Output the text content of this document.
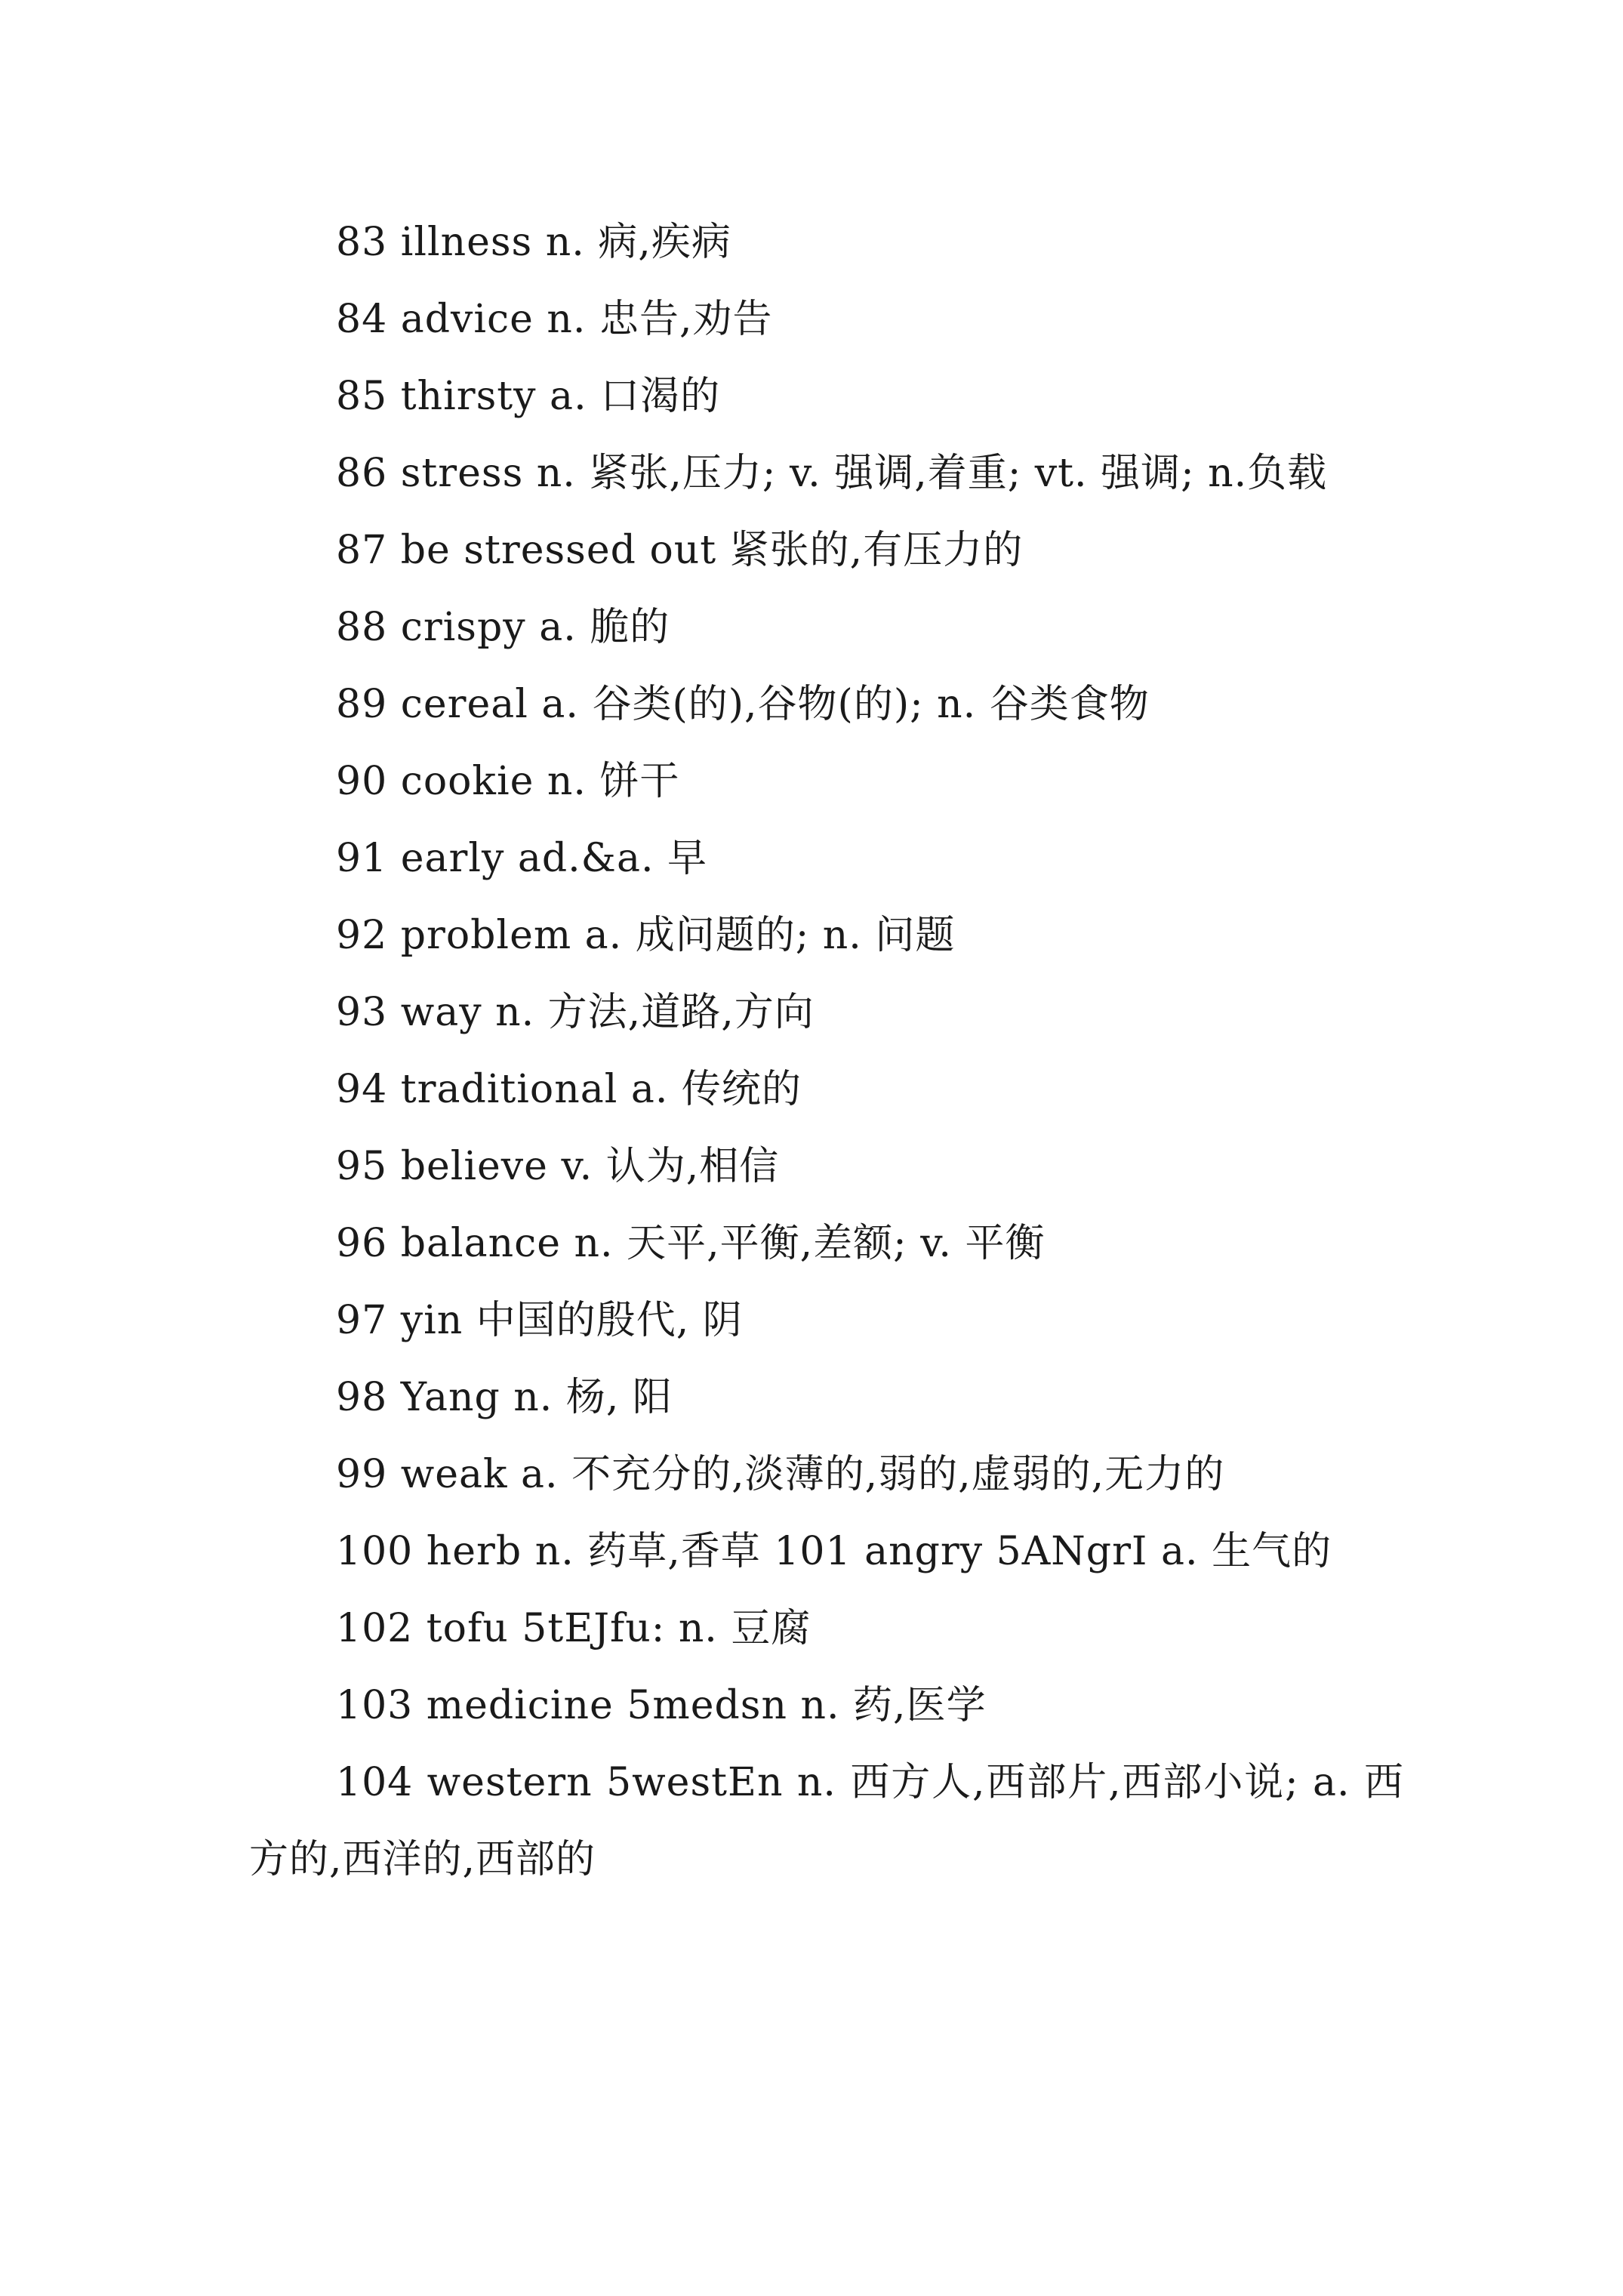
83 illness n. 病,疾病
84 advice n. 忠告,劝告
85 thirsty a. 口渴的
86 stress n. 紧张,压力; v. 强调,着重; vt. 强调; n.负载
87 be stressed out 紧张的,有压力的
88 crispy a. 脆的
89 cereal a. 谷类(的),谷物(的); n. 谷类食物
90 cookie n. 饼干
91 early ad.&a. 早
92 problem a. 成问题的; n. 问题
93 way n. 方法,道路,方向
94 traditional a. 传统的
95 believe v. 认为,相信
96 balance n. 天平,平衡,差额; v. 平衡
97 yin 中国的殷代, 阴
98 Yang n. 杨, 阳
99 weak a. 不充分的,淡薄的,弱的,虚弱的,无力的
100 herb n. 药草,香草 101 angry 5ANgrI a. 生气的
102 tofu 5tEJfu: n. 豆腐
103 medicine 5medsn n. 药,医学
104 western 5westEn n. 西方人,西部片,西部小说; a. 西方的,西洋的,西部的
